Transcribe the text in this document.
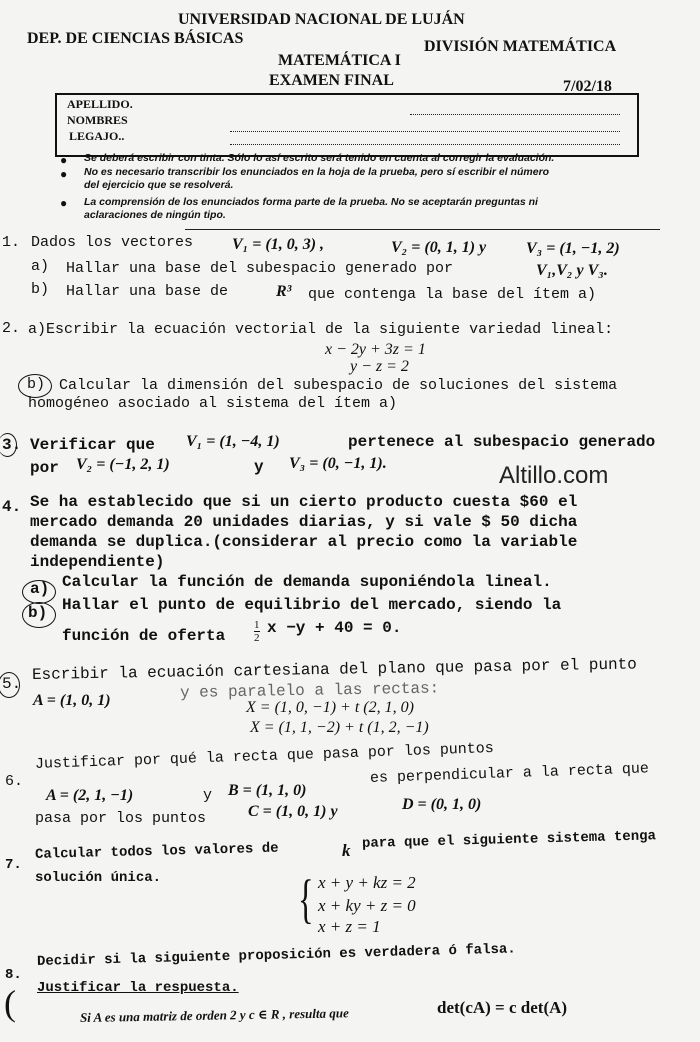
UNIVERSIDAD NACIONAL DE LUJÁN
DEP. DE CIENCIAS BÁSICAS	DIVISIÓN MATEMÁTICA
MATEMÁTICA I
EXAMEN FINAL	7/02/18
APELLIDO.
NOMBRES
LEGAJO..
● Se deberá escribir con tinta. Sólo lo así escrito será tenido en cuenta al corregir la evaluación.
● No es necesario transcribir los enunciados en la hoja de la prueba, pero sí escribir el número
del ejercicio que se resolverá.
● La comprensión de los enunciados forma parte de la prueba. No se aceptarán preguntas ni
aclaraciones de ningún tipo.
1. Dados los vectores V₁ = (1, 0, 3) ,	V₂ = (0, 1, 1) y V₃ = (1, −1, 2)
a) Hallar una base del subespacio generado por	V₁,V₂ y V₃.
b) Hallar una base de	R³ que contenga la base del ítem a)
2. a)Escribir la ecuación vectorial de la siguiente variedad lineal:
x − 2y + 3z = 1
y − z = 2
b) Calcular la dimensión del subespacio de soluciones del sistema
homogéneo asociado al sistema del ítem a)
3. Verificar que V₁ = (1, −4, 1)	pertenece al subespacio generado
por V₂ = (−1, 2, 1)	y V₃ = (0, −1, 1).	Altillo.com
4. Se ha establecido que si un cierto producto cuesta $60 el
mercado demanda 20 unidades diarias, y si vale $ 50 dicha
demanda se duplica.(considerar al precio como la variable
independiente)
a) Calcular la función de demanda suponiéndola lineal.
b) Hallar el punto de equilibrio del mercado, siendo la
función de oferta
1
2
x −y + 40 = 0.
5.
Escribir la ecuación cartesiana del plano que pasa por el punto
A = (1, 0, 1)	y es paralelo a las rectas:
X = (1, 0, −1) + t (2, 1, 0)
X = (1, 1, −2) + t (1, 2, −1)
6.
Justificar por qué la recta que pasa por los puntos
A = (2, 1, −1)	y B = (1, 1, 0)
es perpendicular a la recta que
pasa por los puntos	C = (1, 0, 1) y	D = (0, 1, 0)
7.
Calcular todos los valores de	k para que el siguiente sistema tenga
solución única.	{ x + y + kz = 2
x + ky + z = 0
x + z = 1
8.
Decidir si la siguiente proposición es verdadera ó falsa.
Justificar la respuesta.
(	Si A es una matriz de orden 2 y c ∈ R , resulta que	det(cA) = c det(A)
